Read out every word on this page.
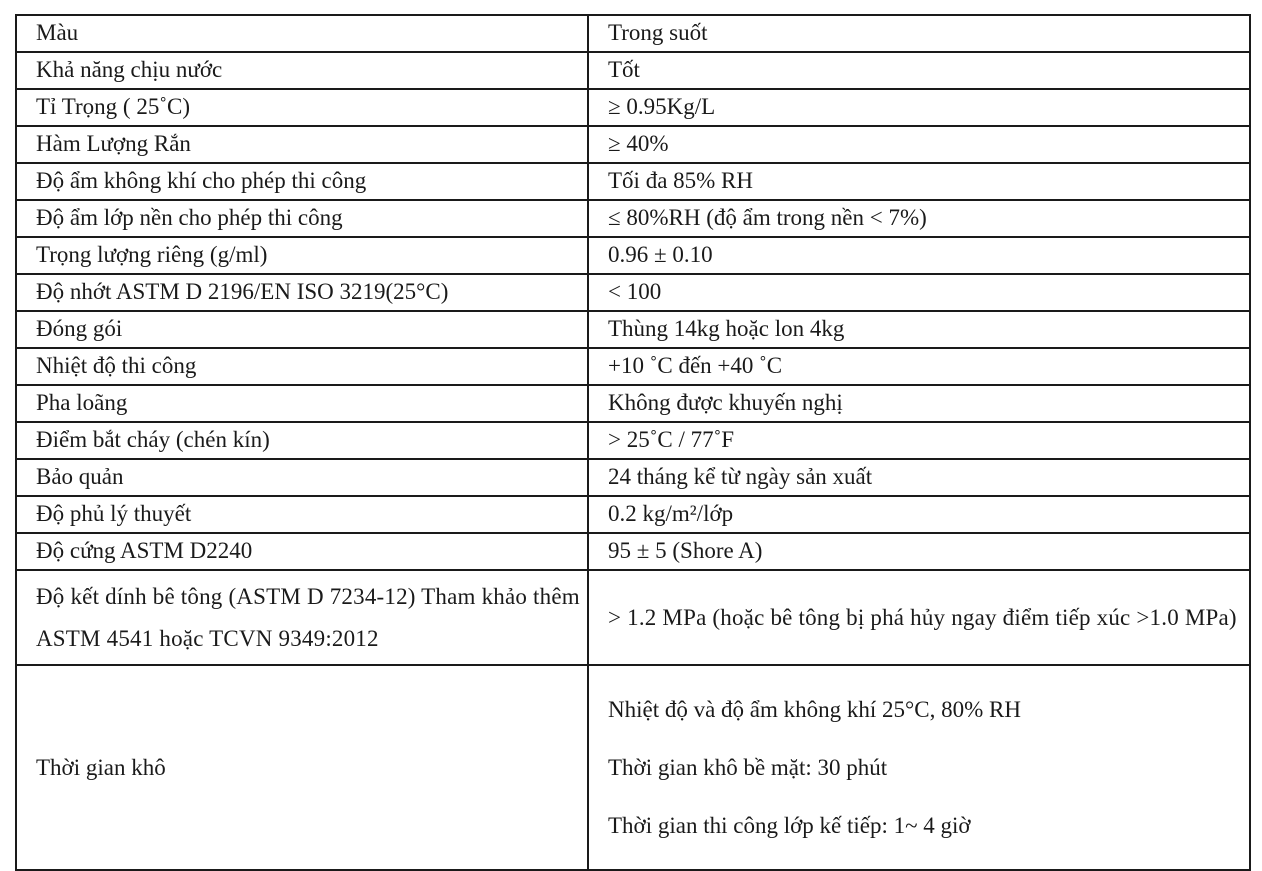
Màu	Trong suốt
Khả năng chịu nước	Tốt
Tỉ Trọng ( 25˚C)	≥ 0.95Kg/L
Hàm Lượng Rắn	≥ 40%
Độ ẩm không khí cho phép thi công	Tối đa 85% RH
Độ ẩm lớp nền cho phép thi công	≤ 80%RH (độ ẩm trong nền < 7%)
Trọng lượng riêng (g/ml)	0.96 ± 0.10
Độ nhớt ASTM D 2196/EN ISO 3219(25°C)	< 100
Đóng gói	Thùng 14kg hoặc lon 4kg
Nhiệt độ thi công	+10 ˚C đến +40 ˚C
Pha loãng	Không được khuyến nghị
Điểm bắt cháy (chén kín)	> 25˚C / 77˚F
Bảo quản	24 tháng kể từ ngày sản xuất
Độ phủ lý thuyết	0.2 kg/m²/lớp
Độ cứng ASTM D2240	95 ± 5 (Shore A)
Độ kết dính bê tông (ASTM D 7234-12) Tham khảo thêm ASTM 4541 hoặc TCVN 9349:2012	> 1.2 MPa (hoặc bê tông bị phá hủy ngay điểm tiếp xúc >1.0 MPa)
Thời gian khô	Nhiệt độ và độ ẩm không khí 25°C, 80% RH

Thời gian khô bề mặt: 30 phút

Thời gian thi công lớp kế tiếp: 1~ 4 giờ
